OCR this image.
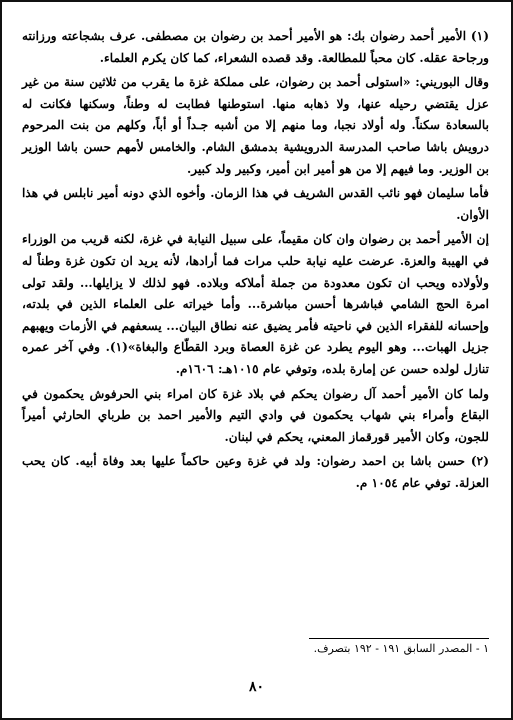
(١) الأمير أحمد رضوان بك: هو الأمير أحمد بن رضوان بن مصطفى. عرف بشجاعته ورزانته ورجاحة عقله. كان محباً للمطالعة. وقد قصده الشعراء، كما كان يكرم العلماء.

وقال البوريني: «استولى أحمد بن رضوان، على مملكة غزة ما يقرب من ثلاثين سنة من غير عزل يقتضي رحيله عنها، ولا ذهابه منها. استوطنها فطابت له وطناً، وسكنها فكانت له بالسعادة سكناً. وله أولاد نجبا، وما منهم إلا من أشبه جـداً أو أباً، وكلهم من بنت المرحوم درويش باشا صاحب المدرسة الدرويشية بدمشق الشام. والخامس لأمهم حسن باشا الوزير بن الوزير. وما فيهم إلا من هو أمير ابن أمير، وكبير ولد كبير.

فأما سليمان فهو نائب القدس الشريف في هذا الزمان. وأخوه الذي دونه أمير نابلس في هذا الأوان.

إن الأمير أحمد بن رضوان وان كان مقيماً، على سبيل النيابة في غزة، لكنه قريب من الوزراء في الهيبة والعزة. عرضت عليه نيابة حلب مرات فما أرادها، لأنه يريد ان تكون غزة وطناً له ولأولاده ويحب ان تكون معدودة من جملة أملاكه وبلاده. فهو لذلك لا يزايلها... ولقد تولى امرة الحج الشامي فباشرها أحسن مباشرة... وأما خيراته على العلماء الذين في بلدته، وإحسانه للفقراء الذين في ناحيته فأمر يضيق عنه نطاق البيان... يسعفهم في الأزمات ويهبهم جزيل الهبات... وهو اليوم يطرد عن غزة العصاة وبرد القطّاع والبغاة»(١). وفي آخر عمره تنازل لولده حسن عن إمارة بلده، وتوفي عام ١٠١٥هـ: ١٦٠٦م.

ولما كان الأمير أحمد آل رضوان يحكم في بلاد غزة كان امراء بني الحرفوش يحكمون في البقاع وأمراء بني شهاب يحكمون في وادي التيم والأمير احمد بن طرباي الحارثي أميراً للجون، وكان الأمير قورقماز المعني، يحكم في لبنان.

(٢) حسن باشا بن احمد رضوان: ولد في غزة وعين حاكماً عليها بعد وفاة أبيه. كان يحب العزلة. توفي عام ١٠٥٤ م.

١ - المصدر السابق ١٩١ - ١٩٢ بتصرف.
٨٠
